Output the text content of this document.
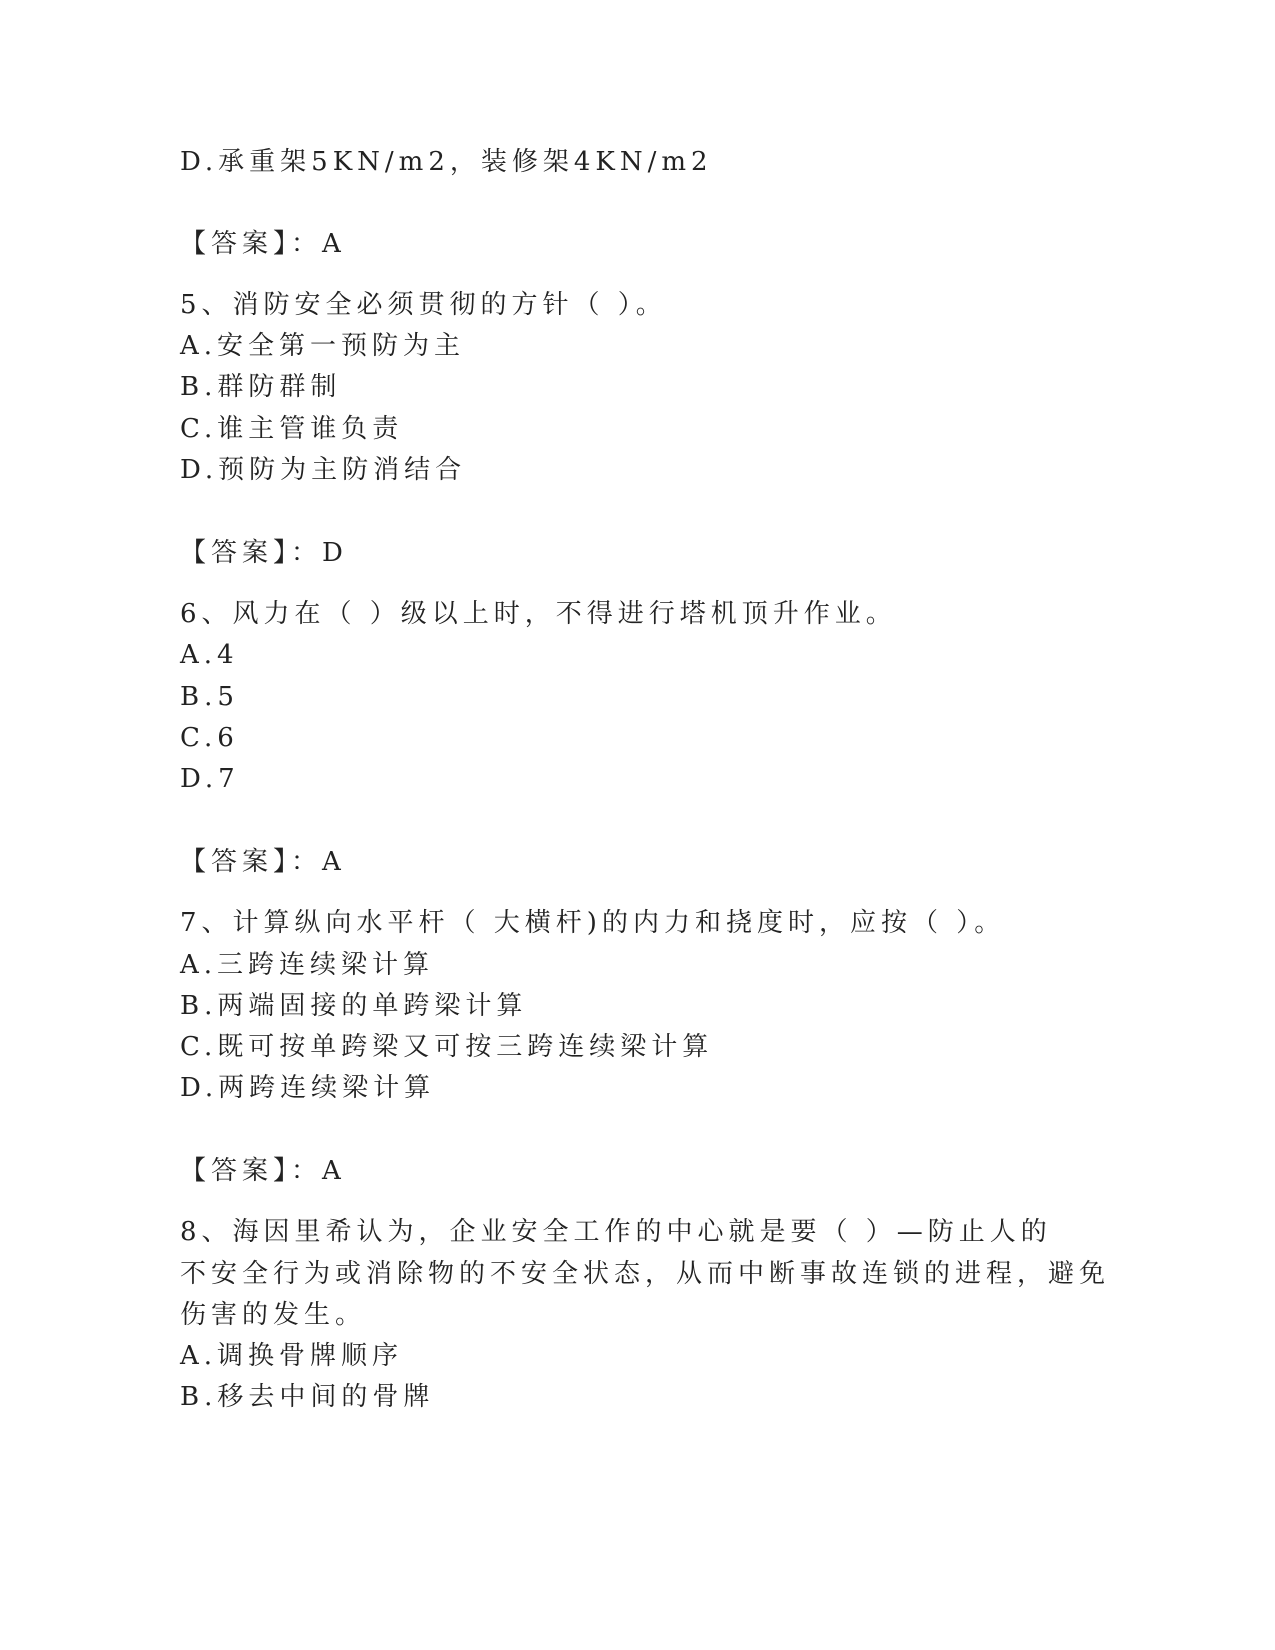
D.承重架5KN/m2，装修架4KN/m2
【答案】：A
5、消防安全必须贯彻的方针（ ）。
A.安全第一预防为主
B.群防群制
C.谁主管谁负责
D.预防为主防消结合
【答案】：D
6、风力在（ ）级以上时，不得进行塔机顶升作业。
A.4
B.5
C.6
D.7
【答案】：A
7、计算纵向水平杆（ 大横杆)的内力和挠度时，应按（ ）。
A.三跨连续梁计算
B.两端固接的单跨梁计算
C.既可按单跨梁又可按三跨连续梁计算
D.两跨连续梁计算
【答案】：A
8、海因里希认为，企业安全工作的中心就是要（ ）—防止人的
不安全行为或消除物的不安全状态，从而中断事故连锁的进程，避免
伤害的发生。
A.调换骨牌顺序
B.移去中间的骨牌
